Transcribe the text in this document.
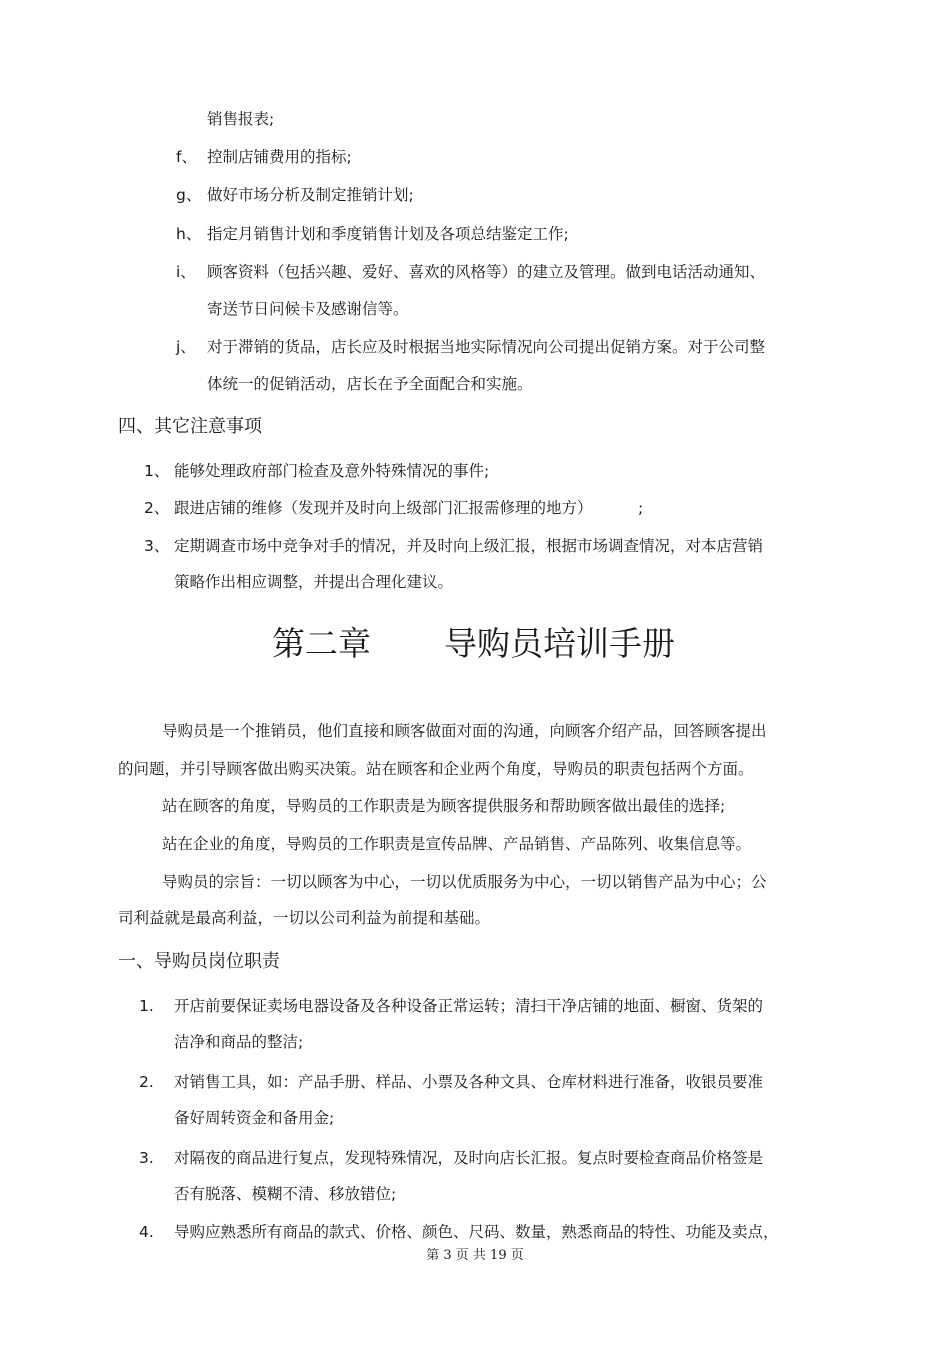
销售报表;
f、 控制店铺费用的指标;
g、 做好市场分析及制定推销计划;
h、 指定月销售计划和季度销售计划及各项总结鉴定工作;
i、 顾客资料（包括兴趣、爱好、喜欢的风格等）的建立及管理。做到电话活动通知、
寄送节日问候卡及感谢信等。
j、 对于滞销的货品，店长应及时根据当地实际情况向公司提出促销方案。对于公司整
体统一的促销活动，店长在予全面配合和实施。
四、其它注意事项
1、 能够处理政府部门检查及意外特殊情况的事件;
2、 跟进店铺的维修（发现并及时向上级部门汇报需修理的地方）	;
3、 定期调查市场中竞争对手的情况，并及时向上级汇报，根据市场调查情况，对本店营销
策略作出相应调整，并提出合理化建议。
第二章 导购员培训手册
导购员是一个推销员，他们直接和顾客做面对面的沟通，向顾客介绍产品，回答顾客提出
的问题，并引导顾客做出购买决策。站在顾客和企业两个角度，导购员的职责包括两个方面。
站在顾客的角度，导购员的工作职责是为顾客提供服务和帮助顾客做出最佳的选择;
站在企业的角度，导购员的工作职责是宣传品牌、产品销售、产品陈列、收集信息等。
导购员的宗旨：一切以顾客为中心，一切以优质服务为中心，一切以销售产品为中心；公
司利益就是最高利益，一切以公司利益为前提和基础。
一、导购员岗位职责
1. 开店前要保证卖场电器设备及各种设备正常运转；清扫干净店铺的地面、橱窗、货架的
洁净和商品的整洁;
2. 对销售工具，如：产品手册、样品、小票及各种文具、仓库材料进行准备，收银员要准
备好周转资金和备用金;
3. 对隔夜的商品进行复点，发现特殊情况，及时向店长汇报。复点时要检查商品价格签是
否有脱落、模糊不清、移放错位;
4. 导购应熟悉所有商品的款式、价格、颜色、尺码、数量，熟悉商品的特性、功能及卖点，
第 3 页 共 19 页
